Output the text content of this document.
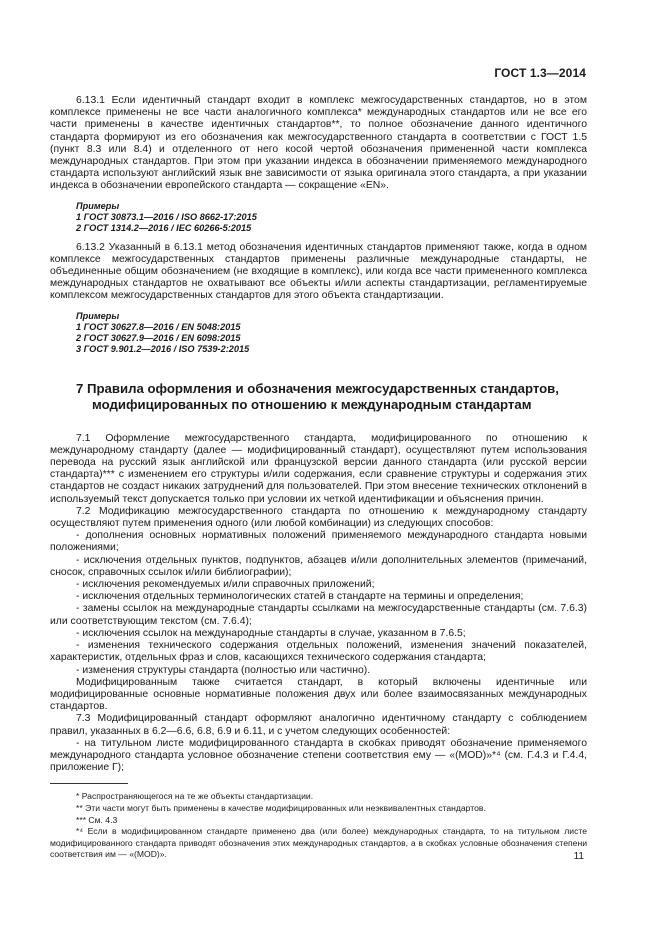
ГОСТ 1.3—2014

6.13.1 Если идентичный стандарт входит в комплекс межгосударственных стандартов, но в этом комплексе применены не все части аналогичного комплекса* международных стандартов или не все его части применены в качестве идентичных стандартов**, то полное обозначение данного идентичного стандарта формируют из его обозначения как межгосударственного стандарта в соответствии с ГОСТ 1.5 (пункт 8.3 или 8.4) и отделенного от него косой чертой обозначения примененной части комплекса международных стандартов. При этом при указании индекса в обозначении применяемого международного стандарта используют английский язык вне зависимости от языка оригинала этого стандарта, а при указании индекса в обозначении европейского стандарта — сокращение «EN».

Примеры
1 ГОСТ 30873.1—2016 / ISO 8662-17:2015
2 ГОСТ 1314.2—2016 / IEC 60266-5:2015

6.13.2 Указанный в 6.13.1 метод обозначения идентичных стандартов применяют также, когда в одном комплексе межгосударственных стандартов применены различные международные стандарты, не объединенные общим обозначением (не входящие в комплекс), или когда все части примененного комплекса международных стандартов не охватывают все объекты и/или аспекты стандартизации, регламентируемые комплексом межгосударственных стандартов для этого объекта стандартизации.

Примеры
1 ГОСТ 30627.8—2016 / EN 5048:2015
2 ГОСТ 30627.9—2016 / EN 6098:2015
3 ГОСТ 9.901.2—2016 / ISO 7539-2:2015
7 Правила оформления и обозначения межгосударственных стандартов,
модифицированных по отношению к международным стандартам

7.1 Оформление межгосударственного стандарта, модифицированного по отношению к международному стандарту (далее — модифицированный стандарт), осуществляют путем использования перевода на русский язык английской или французской версии данного стандарта (или русской версии стандарта)*** с изменением его структуры и/или содержания, если сравнение структуры и содержания этих стандартов не создаст никаких затруднений для пользователей. При этом внесение технических отклонений в используемый текст допускается только при условии их четкой идентификации и объяснения причин.

7.2 Модификацию межгосударственного стандарта по отношению к международному стандарту осуществляют путем применения одного (или любой комбинации) из следующих способов:

- дополнения основных нормативных положений применяемого международного стандарта новыми положениями;

- исключения отдельных пунктов, подпунктов, абзацев и/или дополнительных элементов (примечаний, сносок, справочных ссылок и/или библиографии);

- исключения рекомендуемых и/или справочных приложений;

- исключения отдельных терминологических статей в стандарте на термины и определения;

- замены ссылок на международные стандарты ссылками на межгосударственные стандарты (см. 7.6.3) или соответствующим текстом (см. 7.6.4);

- исключения ссылок на международные стандарты в случае, указанном в 7.6.5;

- изменения технического содержания отдельных положений, изменения значений показателей, характеристик, отдельных фраз и слов, касающихся технического содержания стандарта;

- изменения структуры стандарта (полностью или частично).

Модифицированным также считается стандарт, в который включены идентичные или модифицированные основные нормативные положения двух или более взаимосвязанных международных стандартов.

7.3 Модифицированный стандарт оформляют аналогично идентичному стандарту с соблюдением правил, указанных в 6.2—6.6, 6.8, 6.9 и 6.11, и с учетом следующих особенностей:

- на титульном листе модифицированного стандарта в скобках приводят обозначение применяемого международного стандарта условное обозначение степени соответствия ему — «(MOD)»*⁴ (см. Г.4.3 и Г.4.4, приложение Г);

* Распространяющегося на те же объекты стандартизации.
** Эти части могут быть применены в качестве модифицированных или неэквивалентных стандартов.
*** См. 4.3
*⁴ Если в модифицированном стандарте применено два (или более) международных стандарта, то на титульном листе модифицированного стандарта приводят обозначения этих международных стандартов, а в скобках условные обозначения степени соответствия им — «(MOD)».	11
